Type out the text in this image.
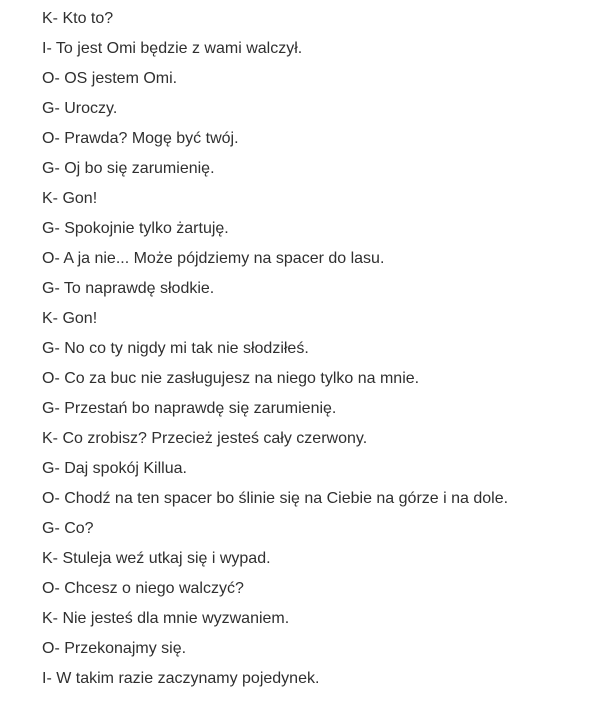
K- Kto to?
I- To jest Omi będzie z wami walczył.
O- OS jestem Omi.
G- Uroczy.
O- Prawda? Mogę być twój.
G- Oj bo się zarumienię.
K- Gon!
G- Spokojnie tylko żartuję.
O- A ja nie... Może pójdziemy na spacer do lasu.
G- To naprawdę słodkie.
K- Gon!
G- No co ty nigdy mi tak nie słodziłeś.
O- Co za buc nie zasługujesz na niego tylko na mnie.
G- Przestań bo naprawdę się zarumienię.
K- Co zrobisz? Przecież jesteś cały czerwony.
G- Daj spokój Killua.
O- Chodź na ten spacer bo ślinie się na Ciebie na górze i na dole.
G- Co?
K- Stuleja weź utkaj się i wypad.
O- Chcesz o niego walczyć?
K- Nie jesteś dla mnie wyzwaniem.
O- Przekonajmy się.
I- W takim razie zaczynamy pojedynek.
